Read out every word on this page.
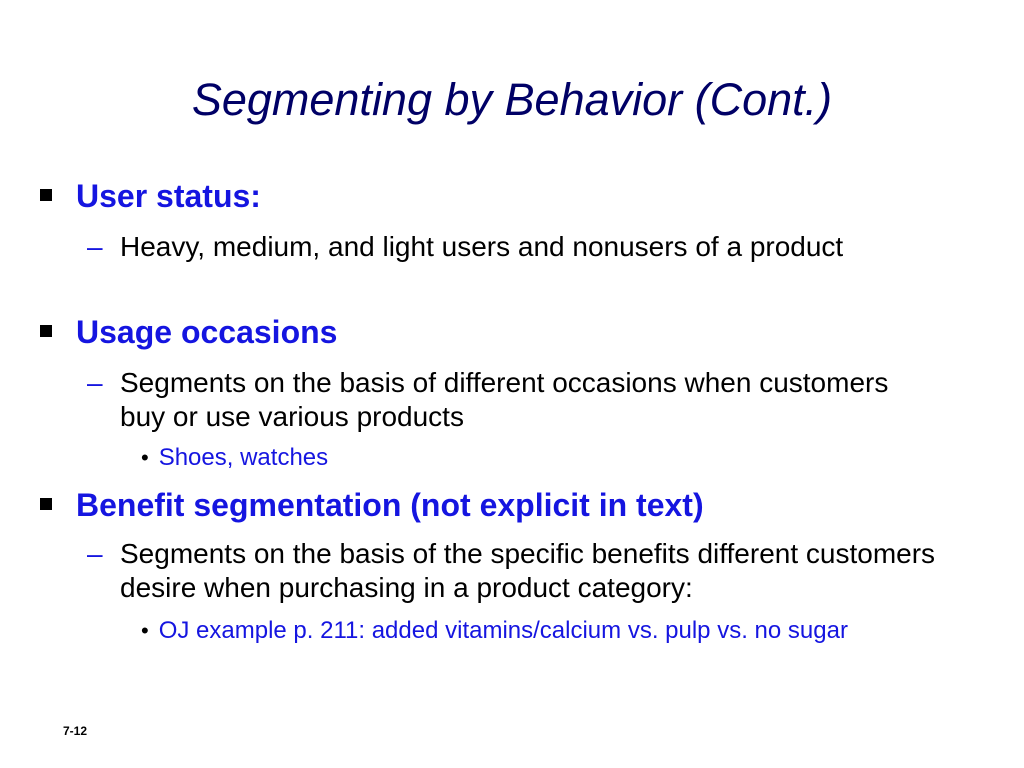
Segmenting by Behavior (Cont.)
User status:
– Heavy, medium, and light users and nonusers of a product
Usage occasions
– Segments on the basis of different occasions when customers buy or use various products
• Shoes, watches
Benefit segmentation (not explicit in text)
– Segments on the basis of the specific benefits different customers desire when purchasing in a product category:
• OJ example p. 211: added vitamins/calcium vs. pulp vs. no sugar
7-12
